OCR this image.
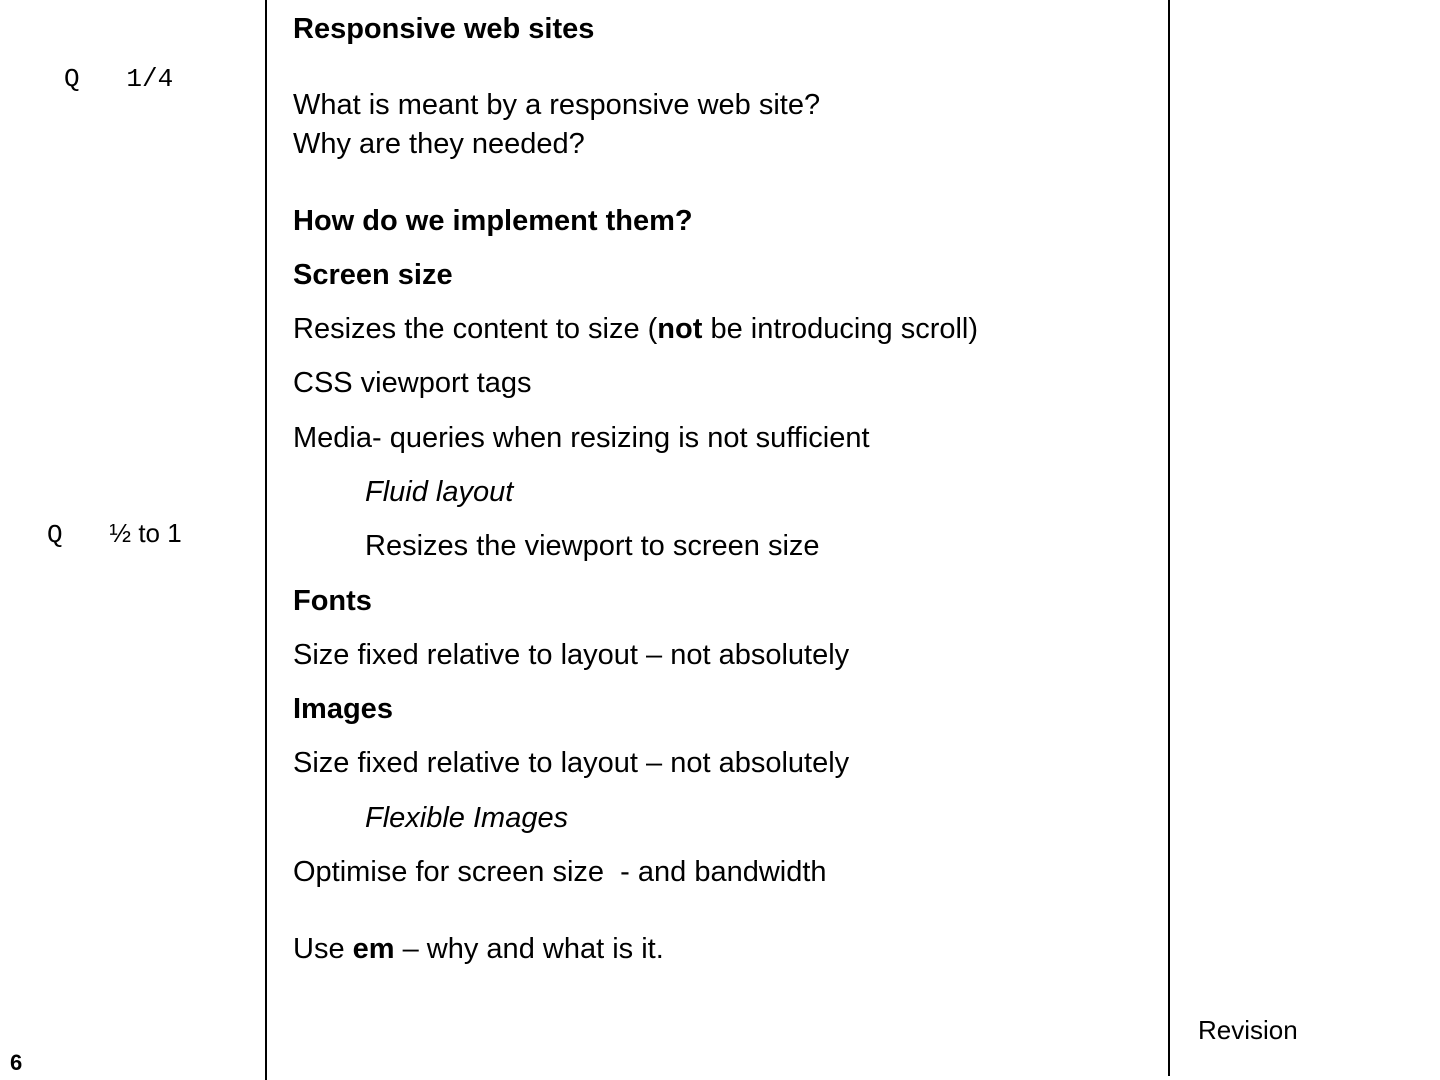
Q 1/4
Q ½ to 1
Responsive web sites
What is meant by a responsive web site?
Why are they needed?
How do we implement them?
Screen size
Resizes the content to size (not be introducing scroll)
CSS viewport tags
Media- queries when resizing is not sufficient
Fluid layout
Resizes the viewport to screen size
Fonts
Size fixed relative to layout – not absolutely
Images
Size fixed relative to layout – not absolutely
Flexible Images
Optimise for screen size  - and bandwidth
Use em – why and what is it.
6
Revision
